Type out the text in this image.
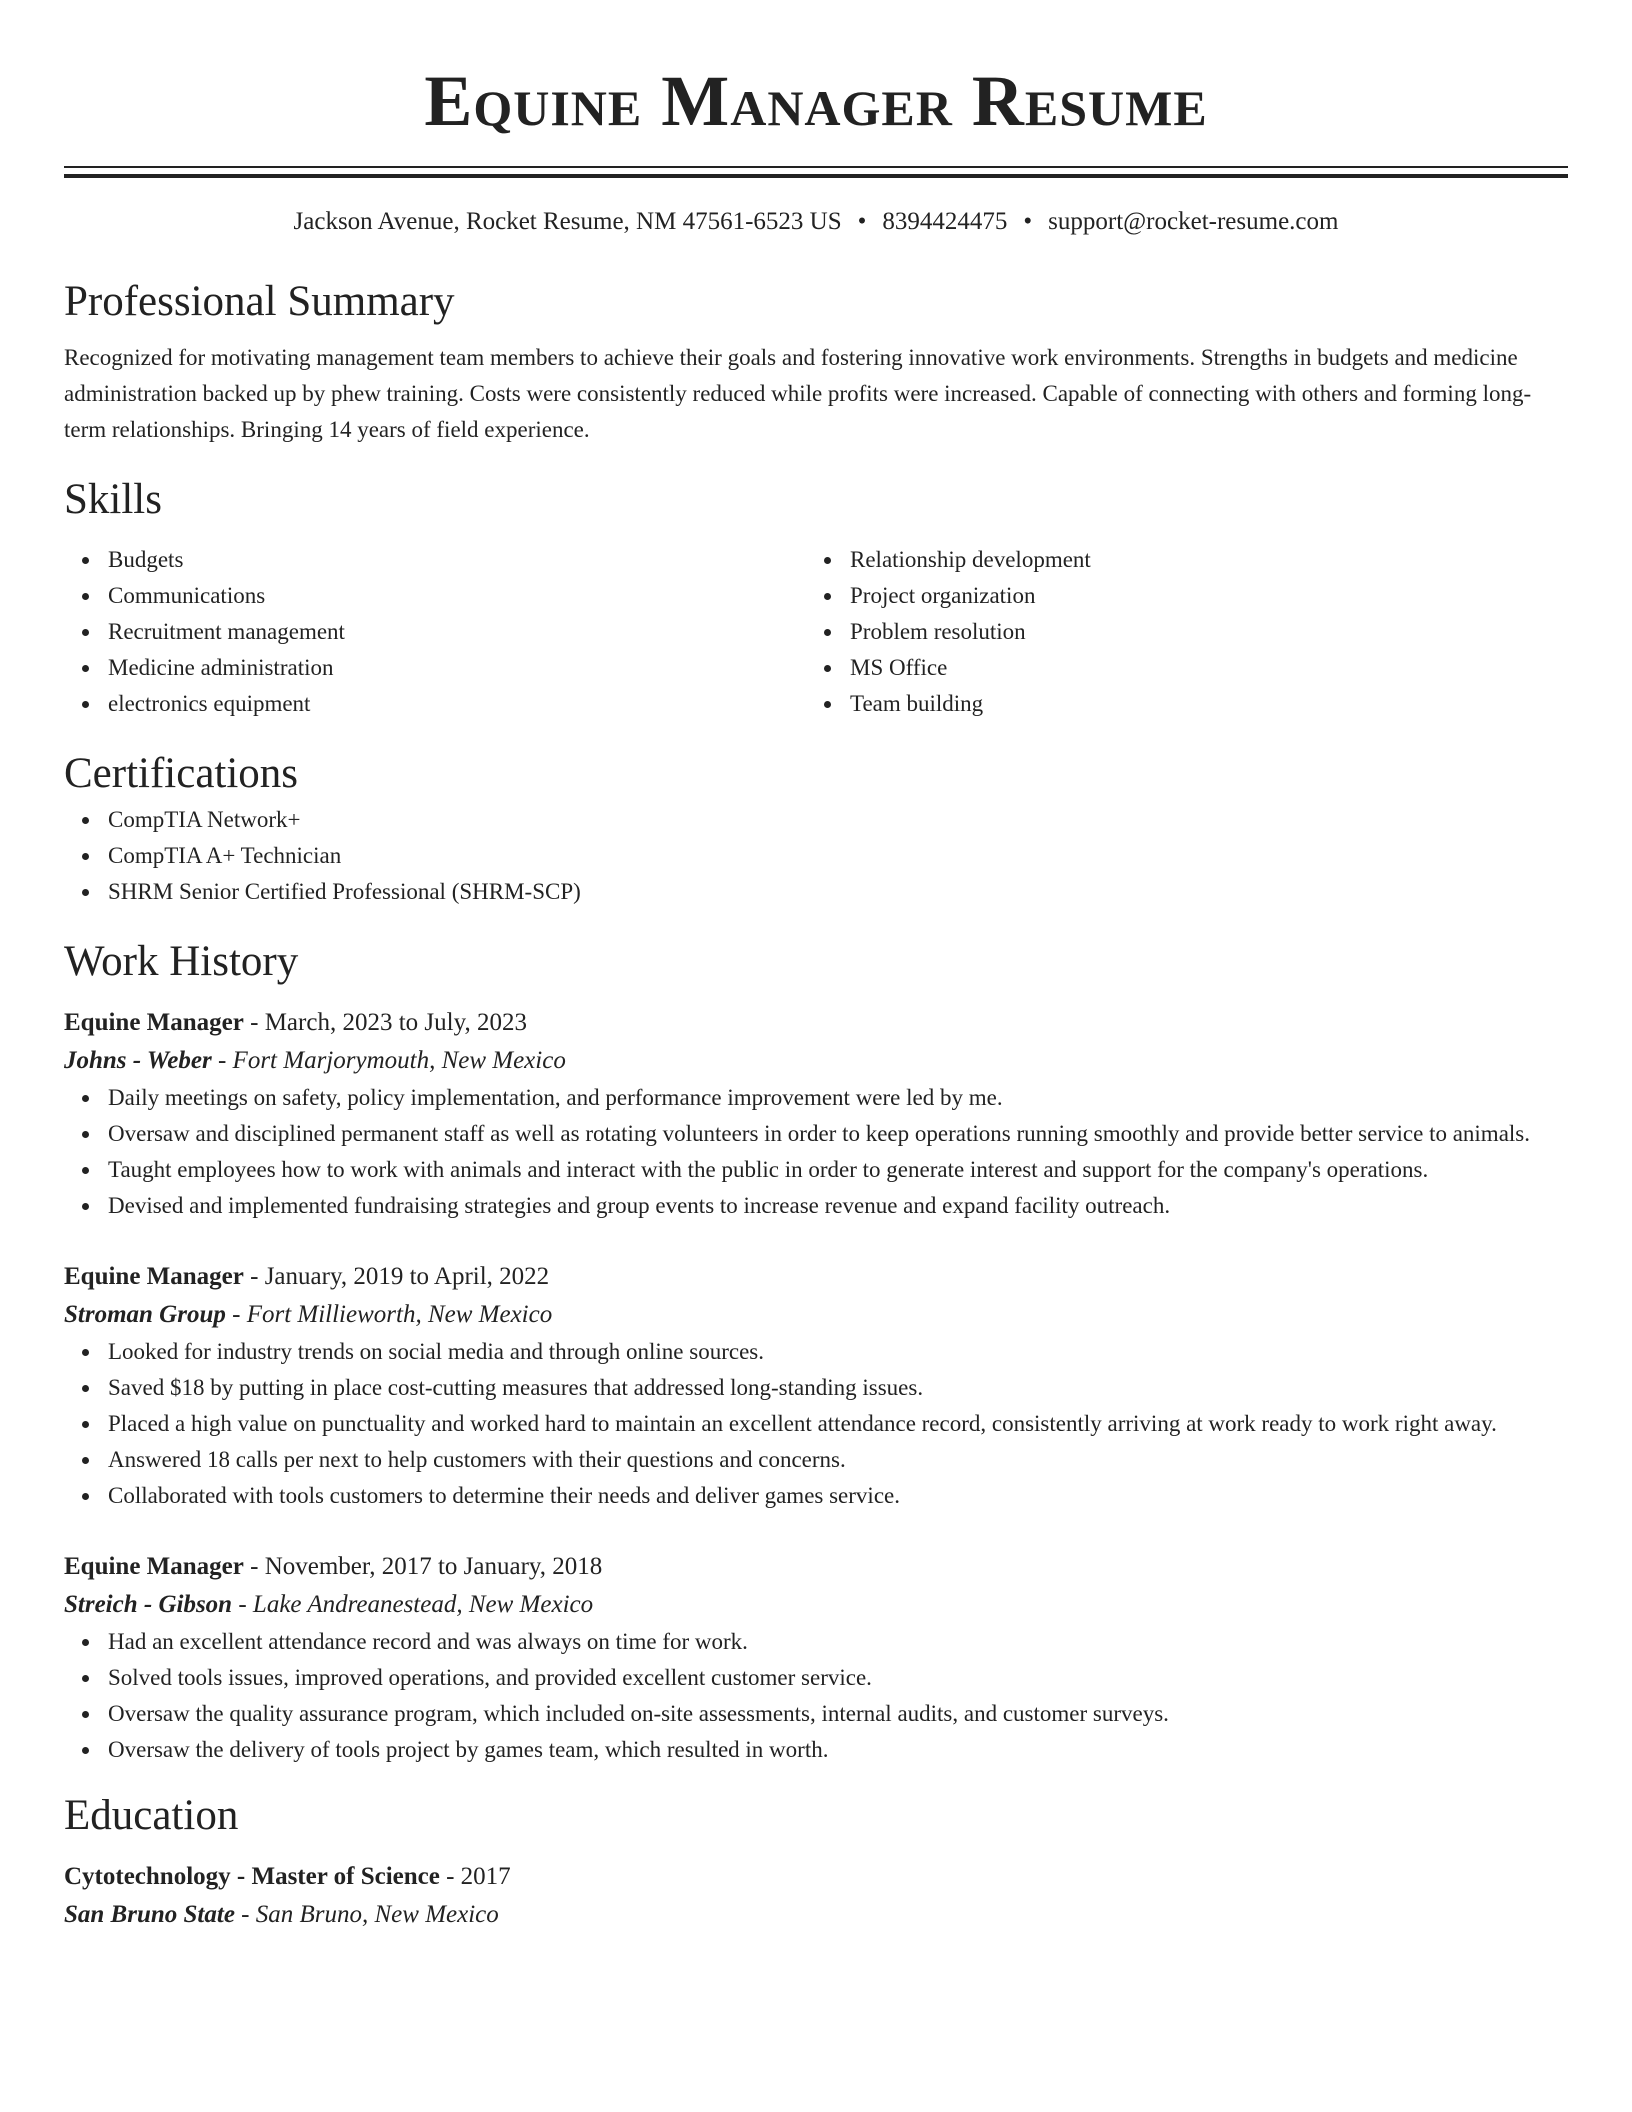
Equine Manager Resume
Jackson Avenue, Rocket Resume, NM 47561-6523 US • 8394424475 • support@rocket-resume.com
Professional Summary

Recognized for motivating management team members to achieve their goals and fostering innovative work environments. Strengths in budgets and medicine administration backed up by phew training. Costs were consistently reduced while profits were increased. Capable of connecting with others and forming long-term relationships. Bringing 14 years of field experience.

Skills
Budgets
Communications
Recruitment management
Medicine administration
electronics equipment
Relationship development
Project organization
Problem resolution
MS Office
Team building
Certifications
CompTIA Network+
CompTIA A+ Technician
SHRM Senior Certified Professional (SHRM-SCP)
Work History
Equine Manager - March, 2023 to July, 2023
Johns - Weber - Fort Marjorymouth, New Mexico
Daily meetings on safety, policy implementation, and performance improvement were led by me.
Oversaw and disciplined permanent staff as well as rotating volunteers in order to keep operations running smoothly and provide better service to animals.
Taught employees how to work with animals and interact with the public in order to generate interest and support for the company's operations.
Devised and implemented fundraising strategies and group events to increase revenue and expand facility outreach.
Equine Manager - January, 2019 to April, 2022
Stroman Group - Fort Millieworth, New Mexico
Looked for industry trends on social media and through online sources.
Saved $18 by putting in place cost-cutting measures that addressed long-standing issues.
Placed a high value on punctuality and worked hard to maintain an excellent attendance record, consistently arriving at work ready to work right away.
Answered 18 calls per next to help customers with their questions and concerns.
Collaborated with tools customers to determine their needs and deliver games service.
Equine Manager - November, 2017 to January, 2018
Streich - Gibson - Lake Andreanestead, New Mexico
Had an excellent attendance record and was always on time for work.
Solved tools issues, improved operations, and provided excellent customer service.
Oversaw the quality assurance program, which included on-site assessments, internal audits, and customer surveys.
Oversaw the delivery of tools project by games team, which resulted in worth.
Education
Cytotechnology - Master of Science - 2017
San Bruno State - San Bruno, New Mexico
